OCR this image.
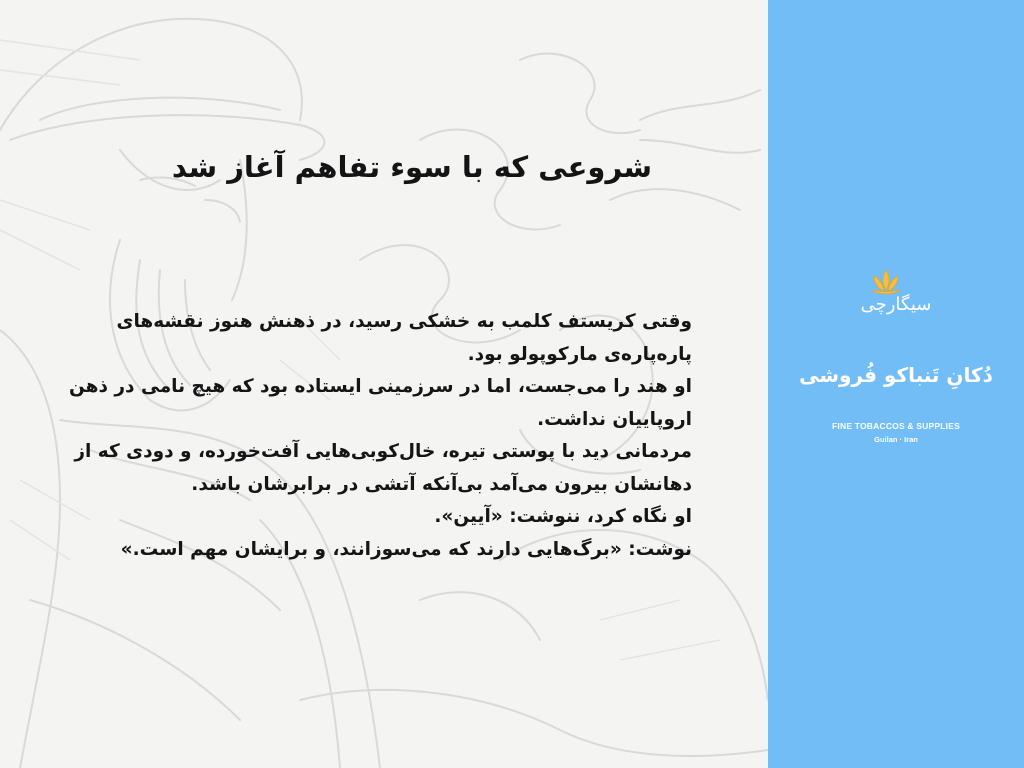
شروعی که با سوء تفاهم آغاز شد

وقتی کریستف کلمب به خشکی رسید، در ذهنش هنوز نقشه‌های پاره‌پاره‌ی مارکوپولو بود.

او هند را می‌جست، اما در سرزمینی ایستاده بود که هیچ نامی در ذهن اروپاییان نداشت.

مردمانی دید با پوستی تیره، خال‌کوبی‌هایی آفت‌خورده، و دودی که از دهانشان بیرون می‌آمد بی‌آنکه آتشی در برابرشان باشد.

او نگاه کرد، ننوشت: «آیین».

نوشت: «برگ‌هایی دارند که می‌سوزانند، و برایشان مهم است.»

سیگارچی
دُکانِ تَنباکو فُروشی
FINE TOBACCOS & SUPPLIES
Guilan · Iran
